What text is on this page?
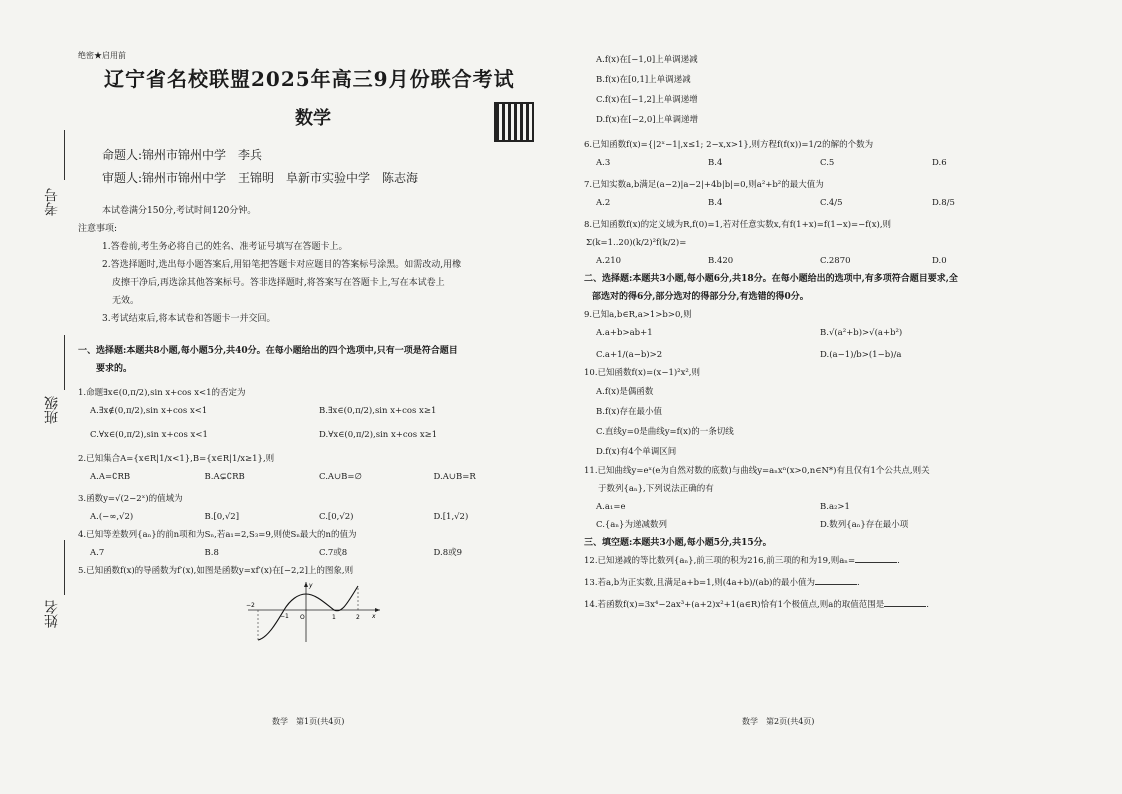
考号
班级
姓名
绝密★启用前
辽宁省名校联盟2025年高三9月份联合考试
数学
命题人:锦州市锦州中学　李兵
审题人:锦州市锦州中学　王锦明　阜新市实验中学　陈志海
本试卷满分150分,考试时间120分钟。
注意事项:
1.答卷前,考生务必将自己的姓名、准考证号填写在答题卡上。
2.答选择题时,选出每小题答案后,用铅笔把答题卡对应题目的答案标号涂黑。如需改动,用橡
皮擦干净后,再选涂其他答案标号。答非选择题时,将答案写在答题卡上,写在本试卷上
无效。
3.考试结束后,将本试卷和答题卡一并交回。
一、选择题:本题共8小题,每小题5分,共40分。在每小题给出的四个选项中,只有一项是符合题目
要求的。
1.命题∃x∈(0,π/2),sin x+cos x<1的否定为
A.∃x∉(0,π/2),sin x+cos x<1	B.∃x∈(0,π/2),sin x+cos x≥1
C.∀x∈(0,π/2),sin x+cos x<1	D.∀x∈(0,π/2),sin x+cos x≥1
2.已知集合A={x∈R|1/x<1},B={x∈R|1/x≥1},则
A.A=∁RB	B.A⊊∁RB	C.A∪B=∅	D.A∪B=R
3.函数y=√(2−2ˣ)的值域为
A.(−∞,√2)	B.[0,√2]	C.[0,√2)	D.[1,√2)
4.已知等差数列{aₙ}的前n项和为Sₙ,若a₁=2,S₃=9,则使Sₙ最大的n的值为
A.7	B.8	C.7或8	D.8或9
5.已知函数f(x)的导函数为f′(x),如图是函数y=xf′(x)在[−2,2]上的图象,则
−2
−1 O	1	2 x
y
数学　第1页(共4页)
A.f(x)在[−1,0]上单调递减
B.f(x)在[0,1]上单调递减
C.f(x)在[−1,2]上单调递增
D.f(x)在[−2,0]上单调递增
6.已知函数f(x)={|2ˣ−1|,x≤1; 2−x,x>1},则方程f(f(x))=1/2的解的个数为
A.3	B.4	C.5	D.6
7.已知实数a,b满足(a−2)|a−2|+4b|b|=0,则a²+b²的最大值为
A.2	B.4	C.4/5	D.8/5
8.已知函数f(x)的定义域为R,f(0)=1,若对任意实数x,有f(1+x)=f(1−x)=−f(x),则
Σ(k=1..20)(k/2)²f(k/2)=
A.210	B.420	C.2870	D.0
二、选择题:本题共3小题,每小题6分,共18分。在每小题给出的选项中,有多项符合题目要求,全
部选对的得6分,部分选对的得部分分,有选错的得0分。
9.已知a,b∈R,a>1>b>0,则
A.a+b>ab+1	B.√(a²+b)>√(a+b²)
C.a+1/(a−b)>2	D.(a−1)/b>(1−b)/a
10.已知函数f(x)=(x−1)²x²,则
A.f(x)是偶函数
B.f(x)存在最小值
C.直线y=0是曲线y=f(x)的一条切线
D.f(x)有4个单调区间
11.已知曲线y=eˣ(e为自然对数的底数)与曲线y=aₙxⁿ(x>0,n∈N*)有且仅有1个公共点,则关
于数列{aₙ},下列说法正确的有
A.a₁=e	B.a₂>1
C.{aₙ}为递减数列	D.数列{aₙ}存在最小项
三、填空题:本题共3小题,每小题5分,共15分。
12.已知递减的等比数列{aₙ},前三项的积为216,前三项的和为19,则aₙ=	.
13.若a,b为正实数,且满足a+b=1,则(4a+b)/(ab)的最小值为	.
14.若函数f(x)=3x⁴−2ax³+(a+2)x²+1(a∈R)恰有1个极值点,则a的取值范围是	.
数学　第2页(共4页)
